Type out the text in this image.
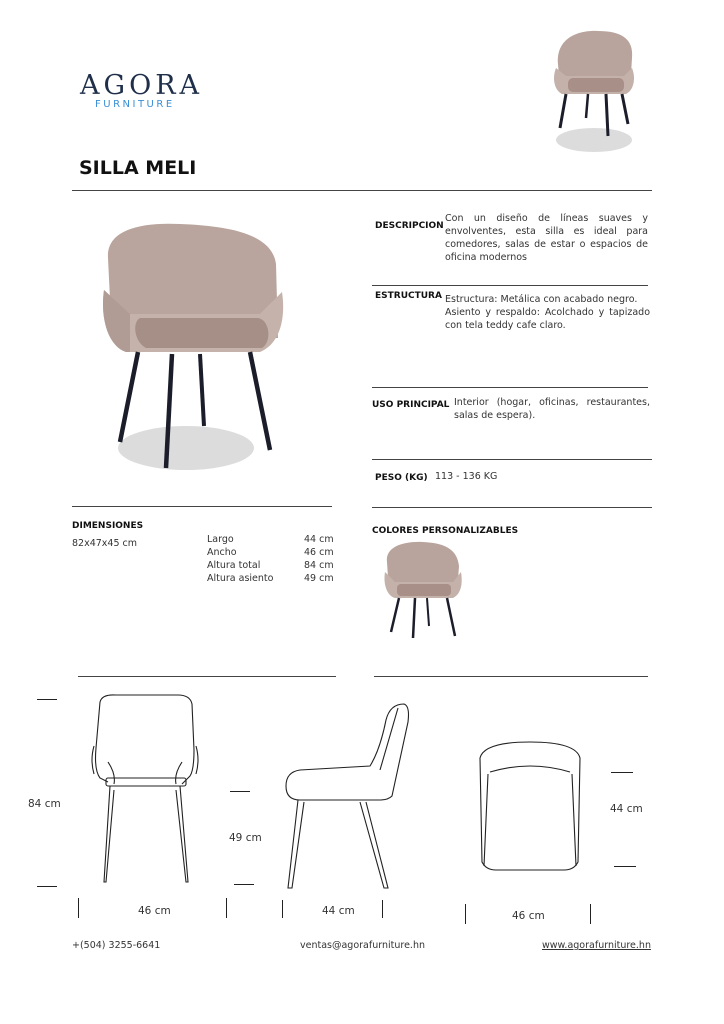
AGORA
FURNITURE
SILLA MELI
DESCRIPCION
Con un diseño de líneas suaves y
envolventes, esta silla es ideal para
comedores, salas de estar o espacios de
oficina modernos
ESTRUCTURA Estructura: Metálica con acabado negro.
Asiento y respaldo: Acolchado y tapizado
con tela teddy cafe claro.
USO PRINCIPAL Interior (hogar, oficinas, restaurantes,
salas de espera).
PESO (KG) 113 - 136 KG
DIMENSIONES
82x47x45 cm	Largo	44 cm
Ancho	46 cm
Altura total	84 cm
Altura asiento	49 cm
COLORES PERSONALIZABLES
84 cm
46 cm
49 cm
44 cm
44 cm
46 cm
+(504) 3255-6641	ventas@agorafurniture.hn	www.agorafurniture.hn
